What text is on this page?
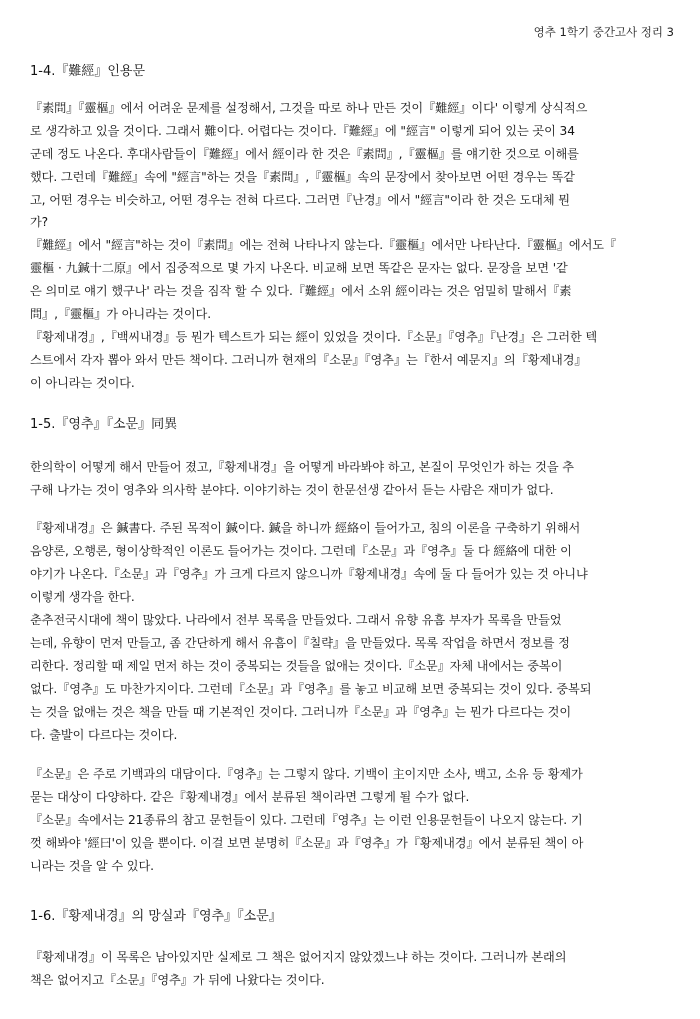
영추 1학기 중간고사 정리 3
1-4.『難經』인용문
『素問』『靈樞』에서 어려운 문제를 설정해서, 그것을 따로 하나 만든 것이『難經』이다' 이렇게 상식적으
로 생각하고 있을 것이다. 그래서 難이다. 어렵다는 것이다.『難經』에 "經言" 이렇게 되어 있는 곳이 34
군데 정도 나온다. 후대사람들이『難經』에서 經이라 한 것은『素問』,『靈樞』를 얘기한 것으로 이해를
했다. 그런데『難經』속에 "經言"하는 것을『素問』,『靈樞』속의 문장에서 찾아보면 어떤 경우는 똑같
고, 어떤 경우는 비슷하고, 어떤 경우는 전혀 다르다. 그러면『난경』에서 "經言"이라 한 것은 도대체 뭔
가?
『難經』에서 "經言"하는 것이『素問』에는 전혀 나타나지 않는다.『靈樞』에서만 나타난다.『靈樞』에서도『
靈樞 · 九鍼十二原』에서 집중적으로 몇 가지 나온다. 비교해 보면 똑같은 문자는 없다. 문장을 보면 '같
은 의미로 얘기 했구나' 라는 것을 짐작 할 수 있다.『難經』에서 소위 經이라는 것은 엄밀히 말해서『素
問』,『靈樞』가 아니라는 것이다.
『황제내경』,『백씨내경』등 뭔가 텍스트가 되는 經이 있었을 것이다.『소문』『영추』『난경』은 그러한 텍
스트에서 각자 뽑아 와서 만든 책이다. 그러니까 현재의『소문』『영추』는『한서 예문지』의『황제내경』
이 아니라는 것이다.
1-5.『영추』『소문』同異
한의학이 어떻게 해서 만들어 졌고,『황제내경』을 어떻게 바라봐야 하고, 본질이 무엇인가 하는 것을 추
구해 나가는 것이 영추와 의사학 분야다. 이야기하는 것이 한문선생 같아서 듣는 사람은 재미가 없다.
『황제내경』은 鍼書다. 주된 목적이 鍼이다. 鍼을 하니까 經絡이 들어가고, 침의 이론을 구축하기 위해서
음양론, 오행론, 형이상학적인 이론도 들어가는 것이다. 그런데『소문』과『영추』둘 다 經絡에 대한 이
야기가 나온다.『소문』과『영추』가 크게 다르지 않으니까『황제내경』속에 둘 다 들어가 있는 것 아니냐
이렇게 생각을 한다.
춘추전국시대에 책이 많았다. 나라에서 전부 목록을 만들었다. 그래서 유향 유흠 부자가 목록을 만들었
는데, 유향이 먼저 만들고, 좀 간단하게 해서 유흠이『칠략』을 만들었다. 목록 작업을 하면서 정보를 정
리한다. 정리할 때 제일 먼저 하는 것이 중복되는 것들을 없애는 것이다.『소문』자체 내에서는 중복이
없다.『영추』도 마찬가지이다. 그런데『소문』과『영추』를 놓고 비교해 보면 중복되는 것이 있다. 중복되
는 것을 없애는 것은 책을 만들 때 기본적인 것이다. 그러니까『소문』과『영추』는 뭔가 다르다는 것이
다. 출발이 다르다는 것이다.
『소문』은 주로 기백과의 대담이다.『영추』는 그렇지 않다. 기백이 主이지만 소사, 백고, 소유 등 황제가
묻는 대상이 다양하다. 같은『황제내경』에서 분류된 책이라면 그렇게 될 수가 없다.
『소문』속에서는 21종류의 참고 문헌들이 있다. 그런데『영추』는 이런 인용문헌들이 나오지 않는다. 기
껏 해봐야 '經曰'이 있을 뿐이다. 이걸 보면 분명히『소문』과『영추』가『황제내경』에서 분류된 책이 아
니라는 것을 알 수 있다.
1-6.『황제내경』의 망실과『영추』『소문』
『황제내경』이 목록은 남아있지만 실제로 그 책은 없어지지 않았겠느냐 하는 것이다. 그러니까 본래의
책은 없어지고『소문』『영추』가 뒤에 나왔다는 것이다.
